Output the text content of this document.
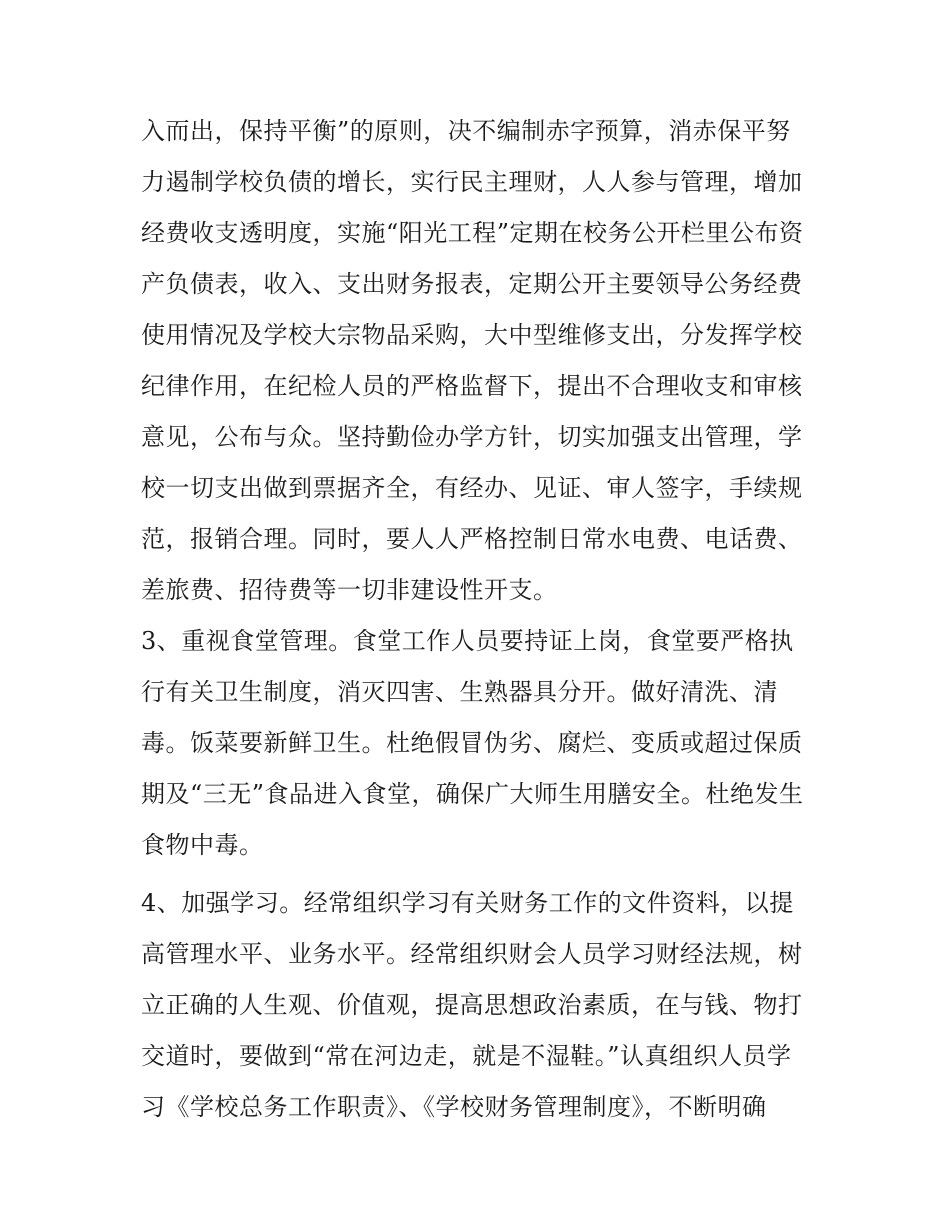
入而出，保持平衡”的原则，决不编制赤字预算，消赤保平努
力遏制学校负债的增长，实行民主理财，人人参与管理，增加
经费收支透明度，实施“阳光工程”定期在校务公开栏里公布资
产负债表，收入、支出财务报表，定期公开主要领导公务经费
使用情况及学校大宗物品采购，大中型维修支出，分发挥学校
纪律作用，在纪检人员的严格监督下，提出不合理收支和审核
意见，公布与众。坚持勤俭办学方针，切实加强支出管理，学
校一切支出做到票据齐全，有经办、见证、审人签字，手续规
范，报销合理。同时，要人人严格控制日常水电费、电话费、
差旅费、招待费等一切非建设性开支。
3、重视食堂管理。食堂工作人员要持证上岗，食堂要严格执
行有关卫生制度，消灭四害、生熟器具分开。做好清洗、清
毒。饭菜要新鲜卫生。杜绝假冒伪劣、腐烂、变质或超过保质
期及“三无”食品进入食堂，确保广大师生用膳安全。杜绝发生
食物中毒。
4、加强学习。经常组织学习有关财务工作的文件资料，以提
高管理水平、业务水平。经常组织财会人员学习财经法规，树
立正确的人生观、价值观，提高思想政治素质，在与钱、物打
交道时，要做到“常在河边走，就是不湿鞋。”认真组织人员学
习《学校总务工作职责》、《学校财务管理制度》，不断明确
